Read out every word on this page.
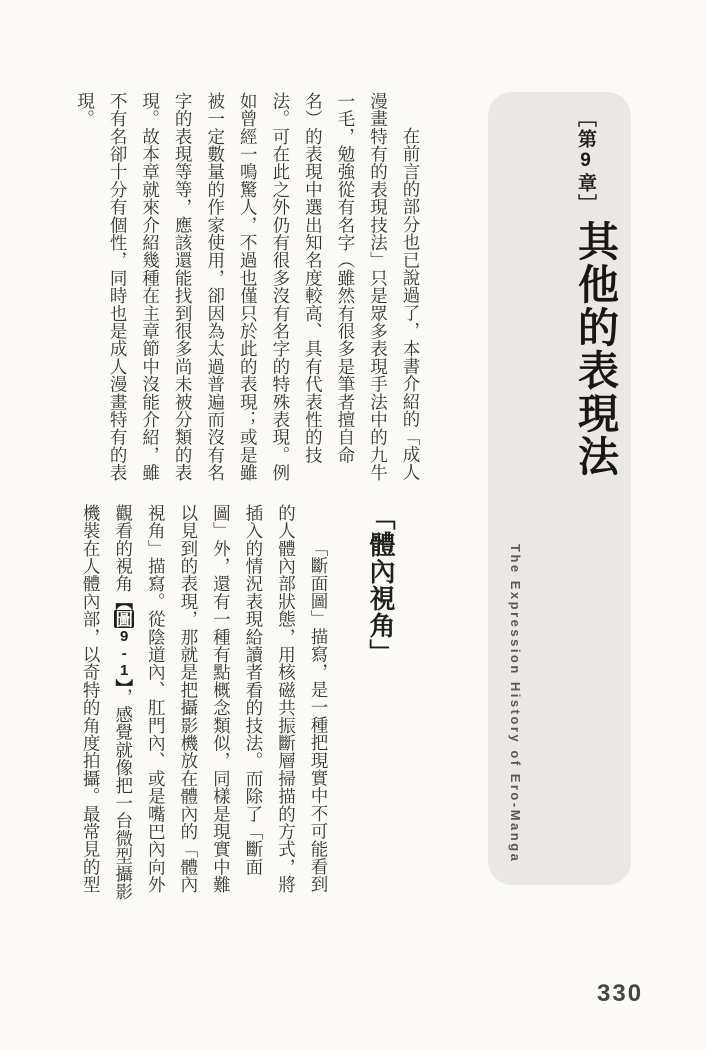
［第9章］
其他的表現法
The Expression History of Ero-Manga
在前言的部分也已說過了，本書介紹的「成人
漫畫特有的表現技法」只是眾多表現手法中的九牛
一毛，勉強從有名字（雖然有很多是筆者擅自命
名）的表現中選出知名度較高、具有代表性的技
法。可在此之外仍有很多沒有名字的特殊表現。例
如曾經一鳴驚人，不過也僅只於此的表現；或是雖
被一定數量的作家使用，卻因為太過普遍而沒有名
字的表現等等，應該還能找到很多尚未被分類的表
現。故本章就來介紹幾種在主章節中沒能介紹，雖
不有名卻十分有個性，同時也是成人漫畫特有的表
現。
「體內視角」
「斷面圖」描寫，是一種把現實中不可能看到
的人體內部狀態，用核磁共振斷層掃描的方式，將
插入的情況表現給讀者看的技法。而除了「斷面
圖」外，還有一種有點概念類似，同樣是現實中難
以見到的表現，那就是把攝影機放在體內的「體內
視角」描寫。從陰道內、肛門內、或是嘴巴內向外
觀看的視角【圖9-1】，感覺就像把一台微型攝影
機裝在人體內部，以奇特的角度拍攝。最常見的型
330
